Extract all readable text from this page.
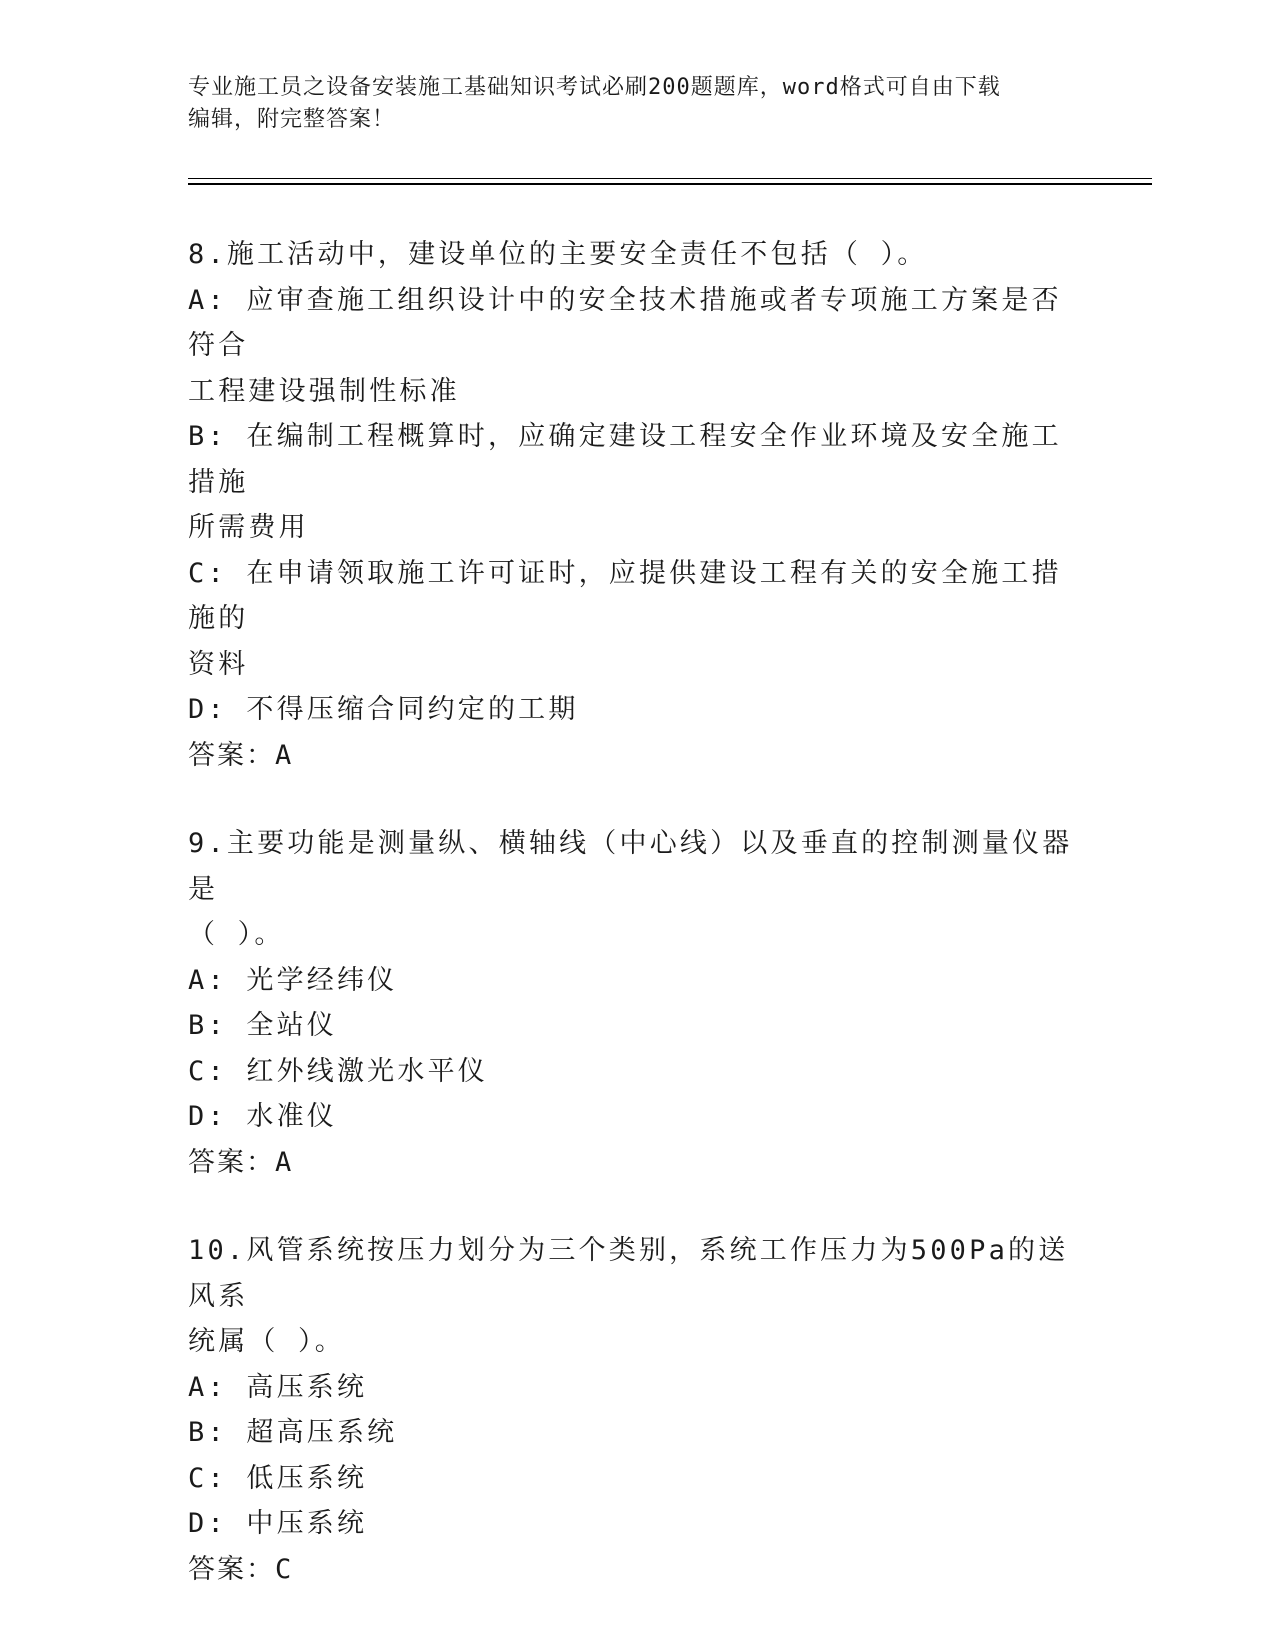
专业施工员之设备安装施工基础知识考试必刷200题题库，word格式可自由下载
编辑，附完整答案！
8.施工活动中，建设单位的主要安全责任不包括（ ）。
A: 应审查施工组织设计中的安全技术措施或者专项施工方案是否符合
工程建设强制性标准
B: 在编制工程概算时，应确定建设工程安全作业环境及安全施工措施
所需费用
C: 在申请领取施工许可证时，应提供建设工程有关的安全施工措施的
资料
D: 不得压缩合同约定的工期
答案：A
9.主要功能是测量纵、横轴线（中心线）以及垂直的控制测量仪器是
（ ）。
A: 光学经纬仪
B: 全站仪
C: 红外线激光水平仪
D: 水准仪
答案：A
10.风管系统按压力划分为三个类别，系统工作压力为500Pa的送风系
统属（ ）。
A: 高压系统
B: 超高压系统
C: 低压系统
D: 中压系统
答案：C
